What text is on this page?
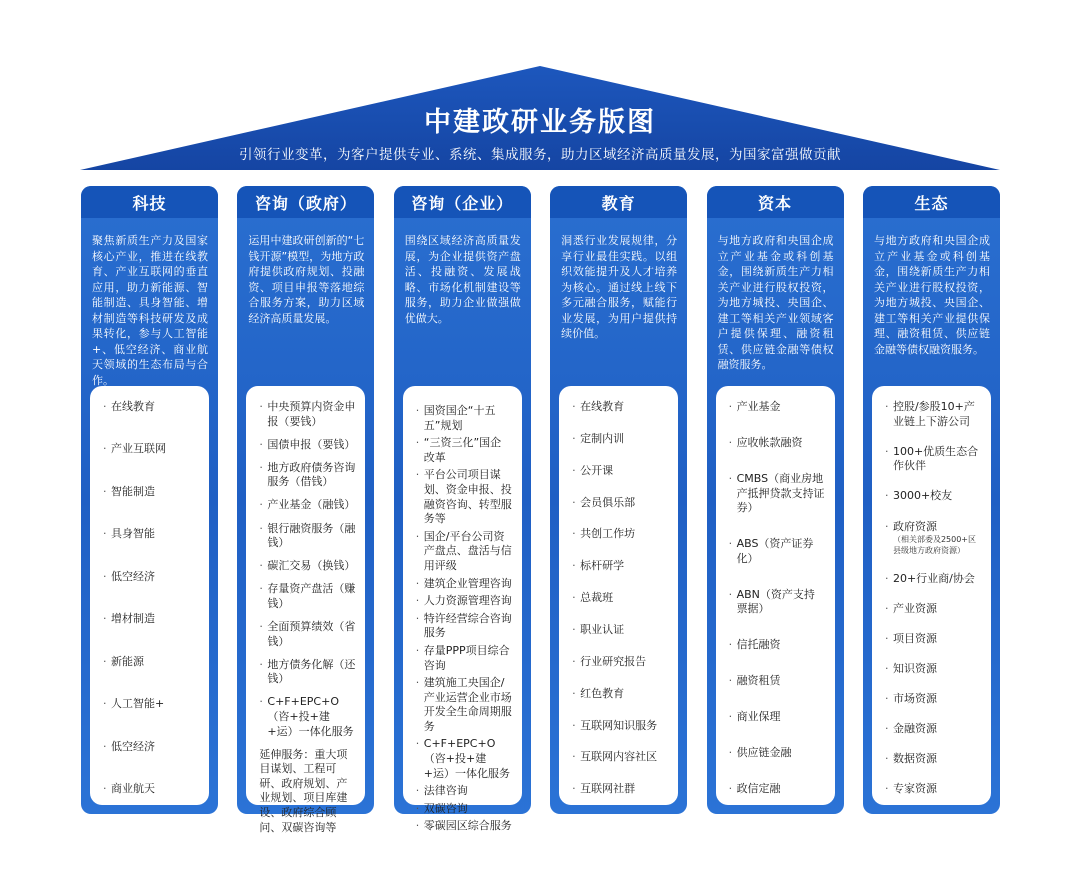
中建政研业务版图
引领行业变革，为客户提供专业、系统、集成服务，助力区域经济高质量发展，为国家富强做贡献
科技
聚焦新质生产力及国家核心产业，推进在线教育、产业互联网的垂直应用，助力新能源、智能制造、具身智能、增材制造等科技研发及成果转化，参与人工智能+、低空经济、商业航天领域的生态布局与合作。
· 在线教育
· 产业互联网
· 智能制造
· 具身智能
· 低空经济
· 增材制造
· 新能源
· 人工智能+
· 低空经济
· 商业航天
咨询（政府）
运用中建政研创新的“七钱开源”模型，为地方政府提供政府规划、投融资、项目申报等落地综合服务方案，助力区域经济高质量发展。
· 中央预算内资金申报（要钱）
· 国债申报（要钱）
· 地方政府债务咨询服务（借钱）
· 产业基金（融钱）
· 银行融资服务（融钱）
· 碳汇交易（换钱）
· 存量资产盘活（赚钱）
· 全面预算绩效（省钱）
· 地方债务化解（还钱）
· C+F+EPC+O（咨+投+建+运）一体化服务
延伸服务：重大项目谋划、工程可研、政府规划、产业规划、项目库建设、政府综合顾问、双碳咨询等
咨询（企业）
围绕区域经济高质量发展，为企业提供资产盘活、投融资、发展战略、市场化机制建设等服务，助力企业做强做优做大。
· 国资国企“十五五”规划
· “三资三化”国企改革
· 平台公司项目谋划、资金申报、投融资咨询、转型服务等
· 国企/平台公司资产盘点、盘活与信用评级
· 建筑企业管理咨询
· 人力资源管理咨询
· 特许经营综合咨询服务
· 存量PPP项目综合咨询
· 建筑施工央国企/产业运营企业市场开发全生命周期服务
· C+F+EPC+O（咨+投+建+运）一体化服务
· 法律咨询
· 双碳咨询
· 零碳园区综合服务
教育
洞悉行业发展规律，分享行业最佳实践。以组织效能提升及人才培养为核心。通过线上线下多元融合服务，赋能行业发展，为用户提供持续价值。
· 在线教育
· 定制内训
· 公开课
· 会员俱乐部
· 共创工作坊
· 标杆研学
· 总裁班
· 职业认证
· 行业研究报告
· 红色教育
· 互联网知识服务
· 互联网内容社区
· 互联网社群
资本
与地方政府和央国企成立产业基金或科创基金，围绕新质生产力相关产业进行股权投资，为地方城投、央国企、建工等相关产业领域客户提供保理、融资租赁、供应链金融等债权融资服务。
· 产业基金
· 应收帐款融资
· CMBS（商业房地产抵押贷款支持证券）
· ABS（资产证券化）
· ABN（资产支持票据）
· 信托融资
· 融资租赁
· 商业保理
· 供应链金融
· 政信定融
生态
与地方政府和央国企成立产业基金或科创基金，围绕新质生产力相关产业进行股权投资，为地方城投、央国企、建工等相关产业提供保理、融资租赁、供应链金融等债权融资服务。
· 控股/参股10+产业链上下游公司
· 100+优质生态合作伙伴
· 3000+校友
· 政府资源
（相关部委及2500+区县级地方政府资源）
· 20+行业商/协会
· 产业资源
· 项目资源
· 知识资源
· 市场资源
· 金融资源
· 数据资源
· 专家资源
